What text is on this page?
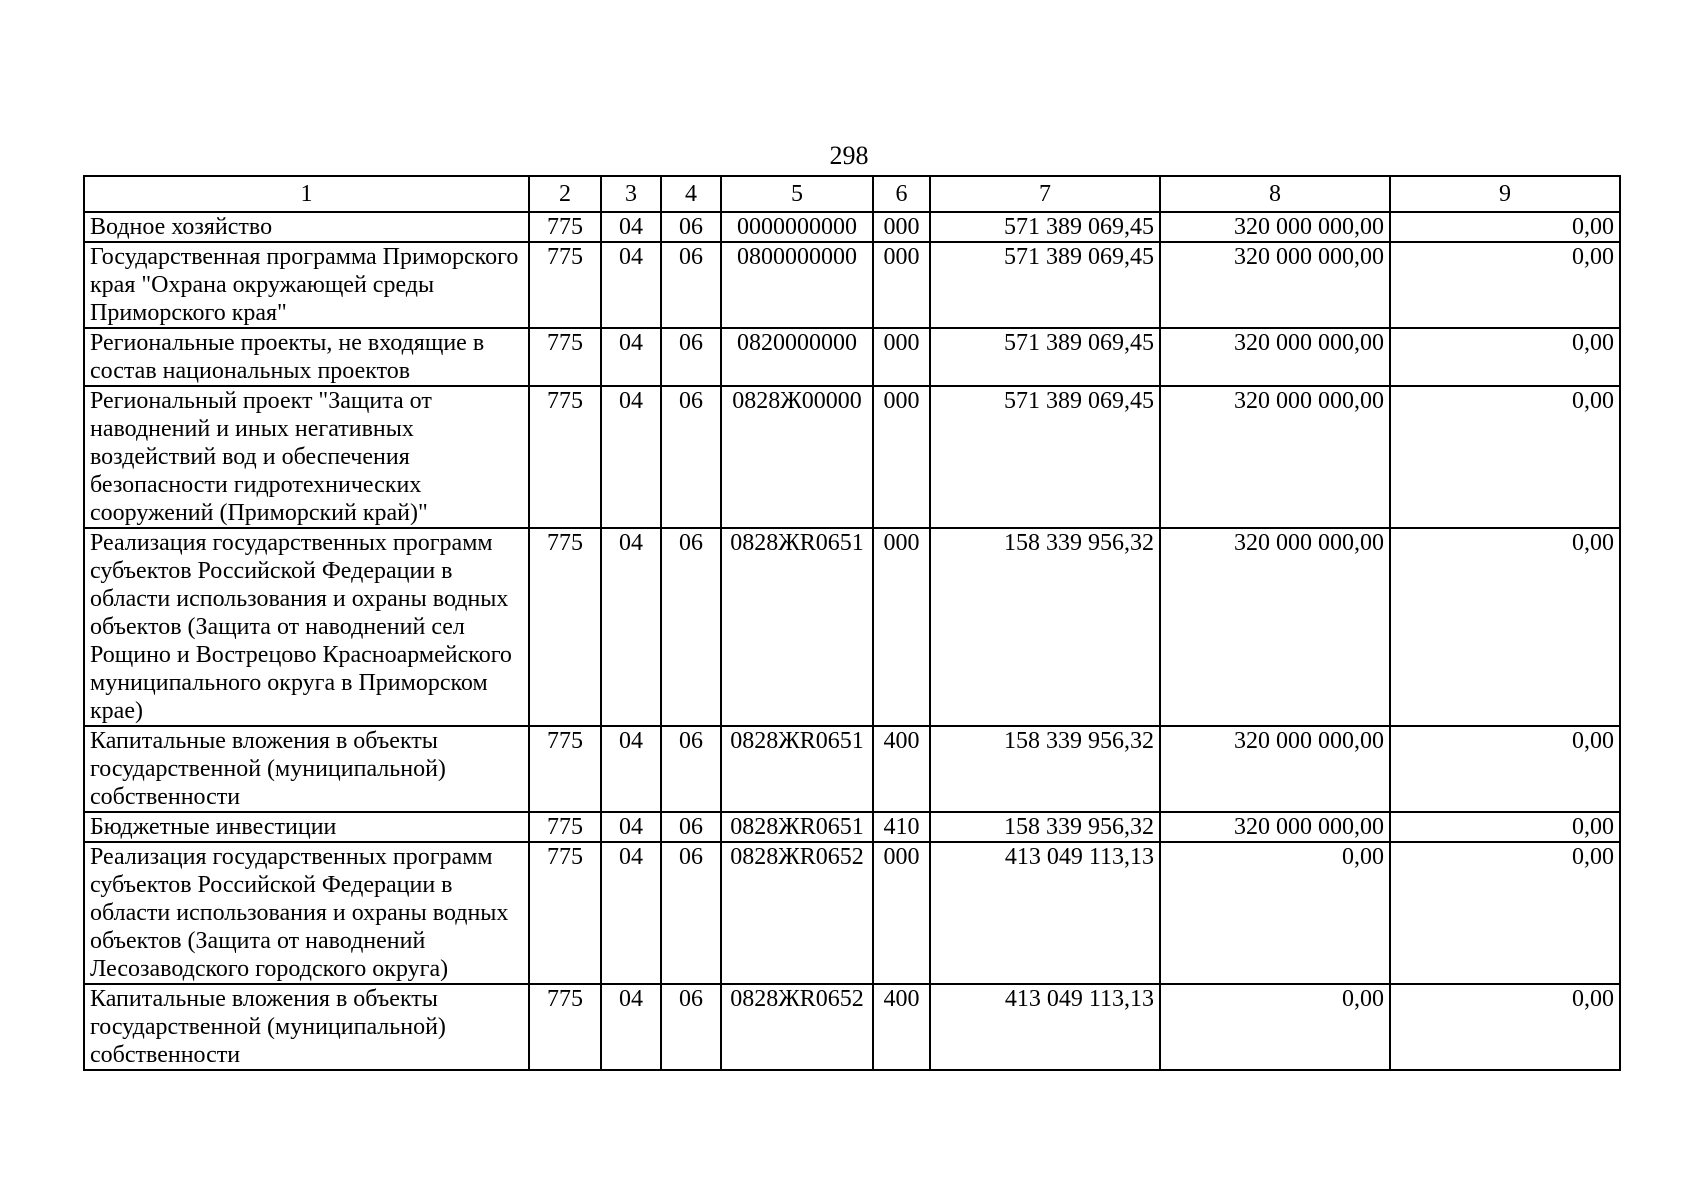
298
1	2	3	4	5	6	7	8	9
Водное хозяйство	775	04	06	0000000000	000	571 389 069,45	320 000 000,00	0,00
Государственная программа Приморского края "Охрана окружающей среды Приморского края"	775	04	06	0800000000	000	571 389 069,45	320 000 000,00	0,00
Региональные проекты, не входящие в состав национальных проектов	775	04	06	0820000000	000	571 389 069,45	320 000 000,00	0,00
Региональный проект "Защита от наводнений и иных негативных воздействий вод и обеспечения безопасности гидротехнических сооружений (Приморский край)"	775	04	06	0828Ж00000	000	571 389 069,45	320 000 000,00	0,00
Реализация государственных программ субъектов Российской Федерации в области использования и охраны водных объектов (Защита от наводнений сел Рощино и Вострецово Красноармейского муниципального округа в Приморском крае)	775	04	06	0828ЖR0651	000	158 339 956,32	320 000 000,00	0,00
Капитальные вложения в объекты государственной (муниципальной) собственности	775	04	06	0828ЖR0651	400	158 339 956,32	320 000 000,00	0,00
Бюджетные инвестиции	775	04	06	0828ЖR0651	410	158 339 956,32	320 000 000,00	0,00
Реализация государственных программ субъектов Российской Федерации в области использования и охраны водных объектов (Защита от наводнений Лесозаводского городского округа)	775	04	06	0828ЖR0652	000	413 049 113,13	0,00	0,00
Капитальные вложения в объекты государственной (муниципальной) собственности	775	04	06	0828ЖR0652	400	413 049 113,13	0,00	0,00
